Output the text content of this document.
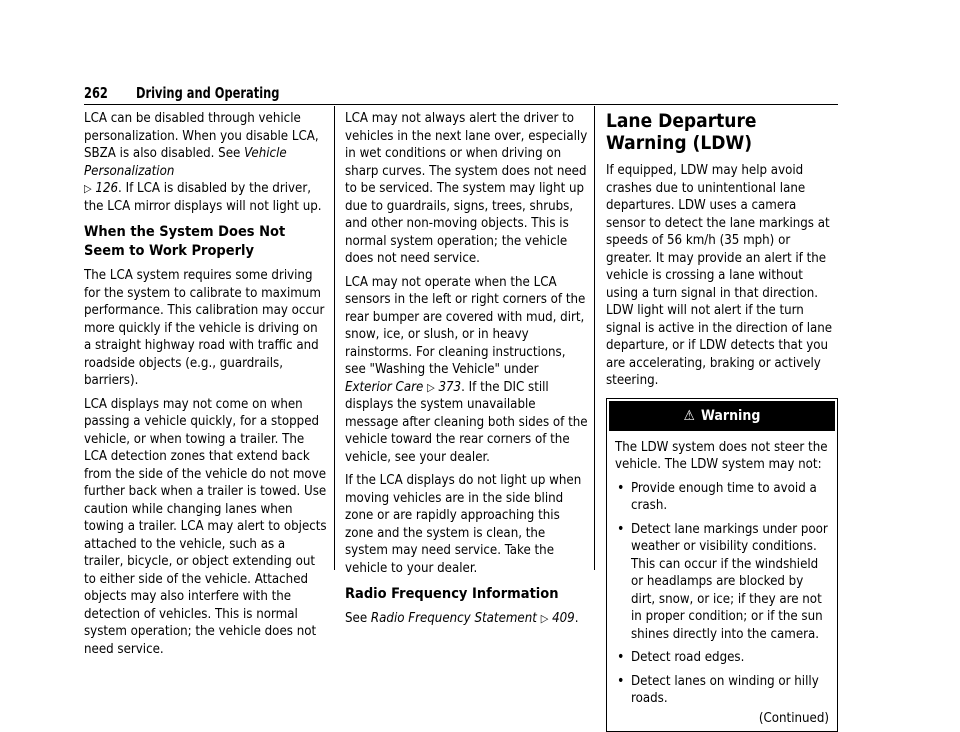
262 Driving and Operating

LCA can be disabled through vehicle personalization. When you disable LCA, SBZA is also disabled. See Vehicle Personalization
▷ 126. If LCA is disabled by the driver, the LCA mirror displays will not light up.

When the System Does Not Seem to Work Properly

The LCA system requires some driving for the system to calibrate to maximum performance. This calibration may occur more quickly if the vehicle is driving on a straight highway road with traffic and roadside objects (e.g., guardrails, barriers).

LCA displays may not come on when passing a vehicle quickly, for a stopped vehicle, or when towing a trailer. The LCA detection zones that extend back from the side of the vehicle do not move further back when a trailer is towed. Use caution while changing lanes when towing a trailer. LCA may alert to objects attached to the vehicle, such as a trailer, bicycle, or object extending out to either side of the vehicle. Attached objects may also interfere with the detection of vehicles. This is normal system operation; the vehicle does not need service.

LCA may not always alert the driver to vehicles in the next lane over, especially in wet conditions or when driving on sharp curves. The system does not need to be serviced. The system may light up due to guardrails, signs, trees, shrubs, and other non-moving objects. This is normal system operation; the vehicle does not need service.

LCA may not operate when the LCA sensors in the left or right corners of the rear bumper are covered with mud, dirt, snow, ice, or slush, or in heavy rainstorms. For cleaning instructions, see "Washing the Vehicle" under Exterior Care ▷ 373. If the DIC still displays the system unavailable message after cleaning both sides of the vehicle toward the rear corners of the vehicle, see your dealer.

If the LCA displays do not light up when moving vehicles are in the side blind zone or are rapidly approaching this zone and the system is clean, the system may need service. Take the vehicle to your dealer.

Radio Frequency Information

See Radio Frequency Statement ▷ 409.

Lane Departure Warning (LDW)

If equipped, LDW may help avoid crashes due to unintentional lane departures. LDW uses a camera sensor to detect the lane markings at speeds of 56 km/h (35 mph) or greater. It may provide an alert if the vehicle is crossing a lane without using a turn signal in that direction. LDW light will not alert if the turn signal is active in the direction of lane departure, or if LDW detects that you are accelerating, braking or actively steering.

⚠ Warning

The LDW system does not steer the vehicle. The LDW system may not:

• Provide enough time to avoid a crash.
• Detect lane markings under poor weather or visibility conditions. This can occur if the windshield or headlamps are blocked by dirt, snow, or ice; if they are not in proper condition; or if the sun shines directly into the camera.
• Detect road edges.
• Detect lanes on winding or hilly roads.
(Continued)
